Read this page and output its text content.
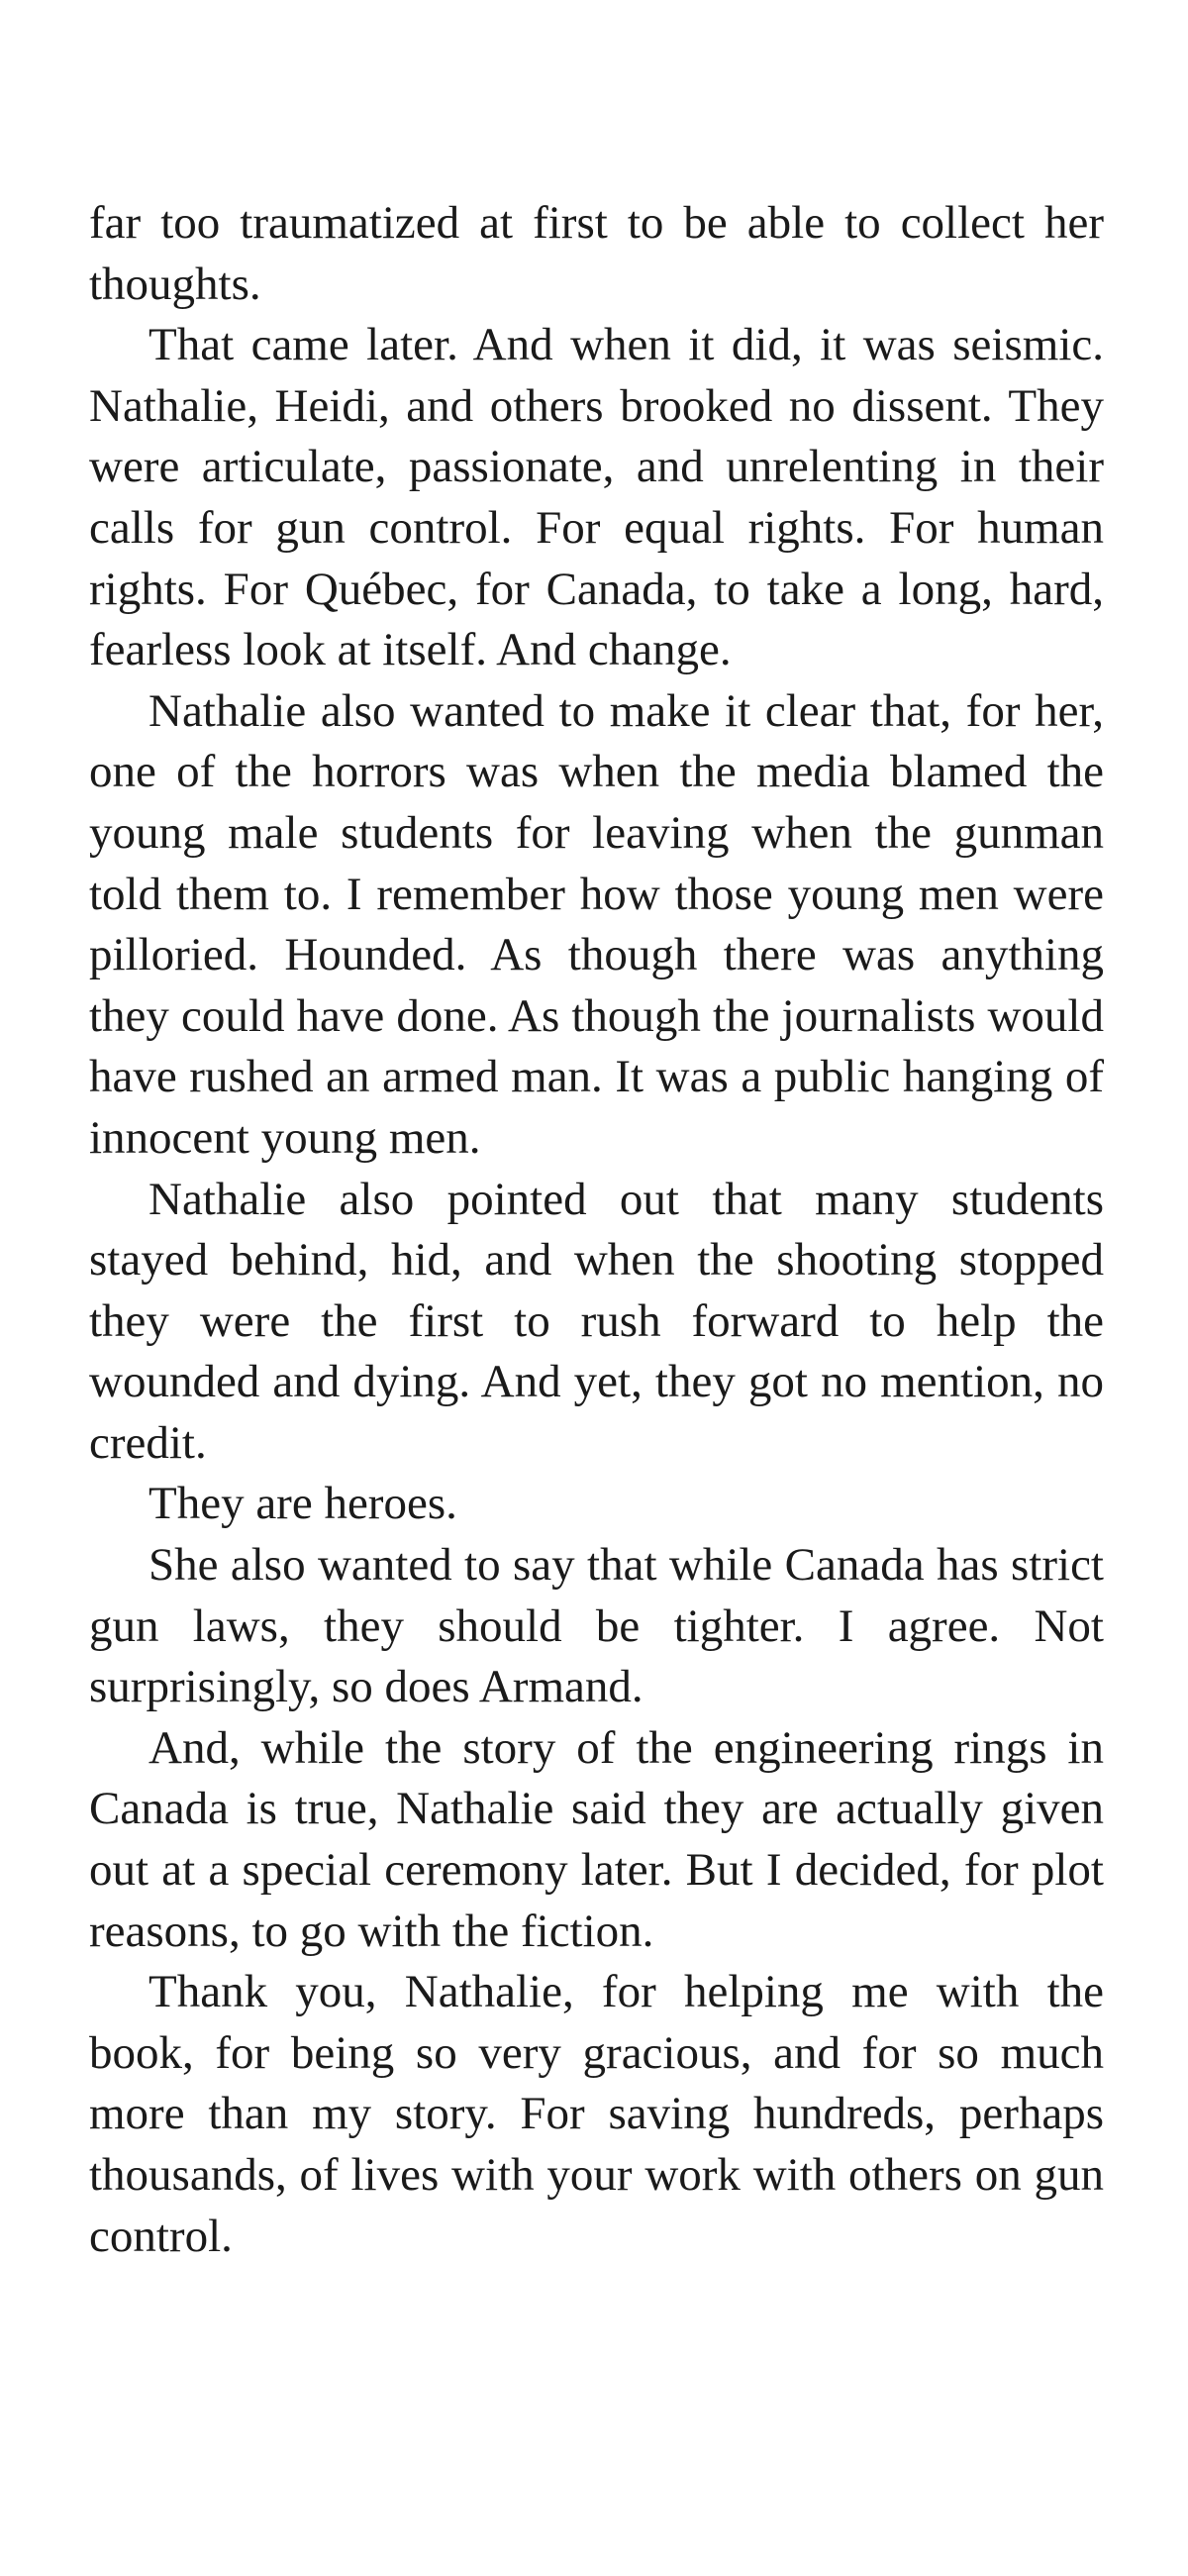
far too traumatized at first to be able to collect her thoughts.

That came later. And when it did, it was seismic. Nathalie, Heidi, and others brooked no dissent. They were articulate, passionate, and unrelenting in their calls for gun control. For equal rights. For human rights. For Québec, for Canada, to take a long, hard, fearless look at itself. And change.

Nathalie also wanted to make it clear that, for her, one of the horrors was when the media blamed the young male students for leaving when the gunman told them to. I remember how those young men were pilloried. Hounded. As though there was anything they could have done. As though the journalists would have rushed an armed man. It was a public hanging of innocent young men.

Nathalie also pointed out that many students stayed behind, hid, and when the shooting stopped they were the first to rush forward to help the wounded and dying. And yet, they got no mention, no credit.

They are heroes.

She also wanted to say that while Canada has strict gun laws, they should be tighter. I agree. Not surprisingly, so does Armand.

And, while the story of the engineering rings in Canada is true, Nathalie said they are actually given out at a special ceremony later. But I decided, for plot reasons, to go with the fiction.

Thank you, Nathalie, for helping me with the book, for being so very gracious, and for so much more than my story. For saving hundreds, perhaps thousands, of lives with your work with others on gun control.
